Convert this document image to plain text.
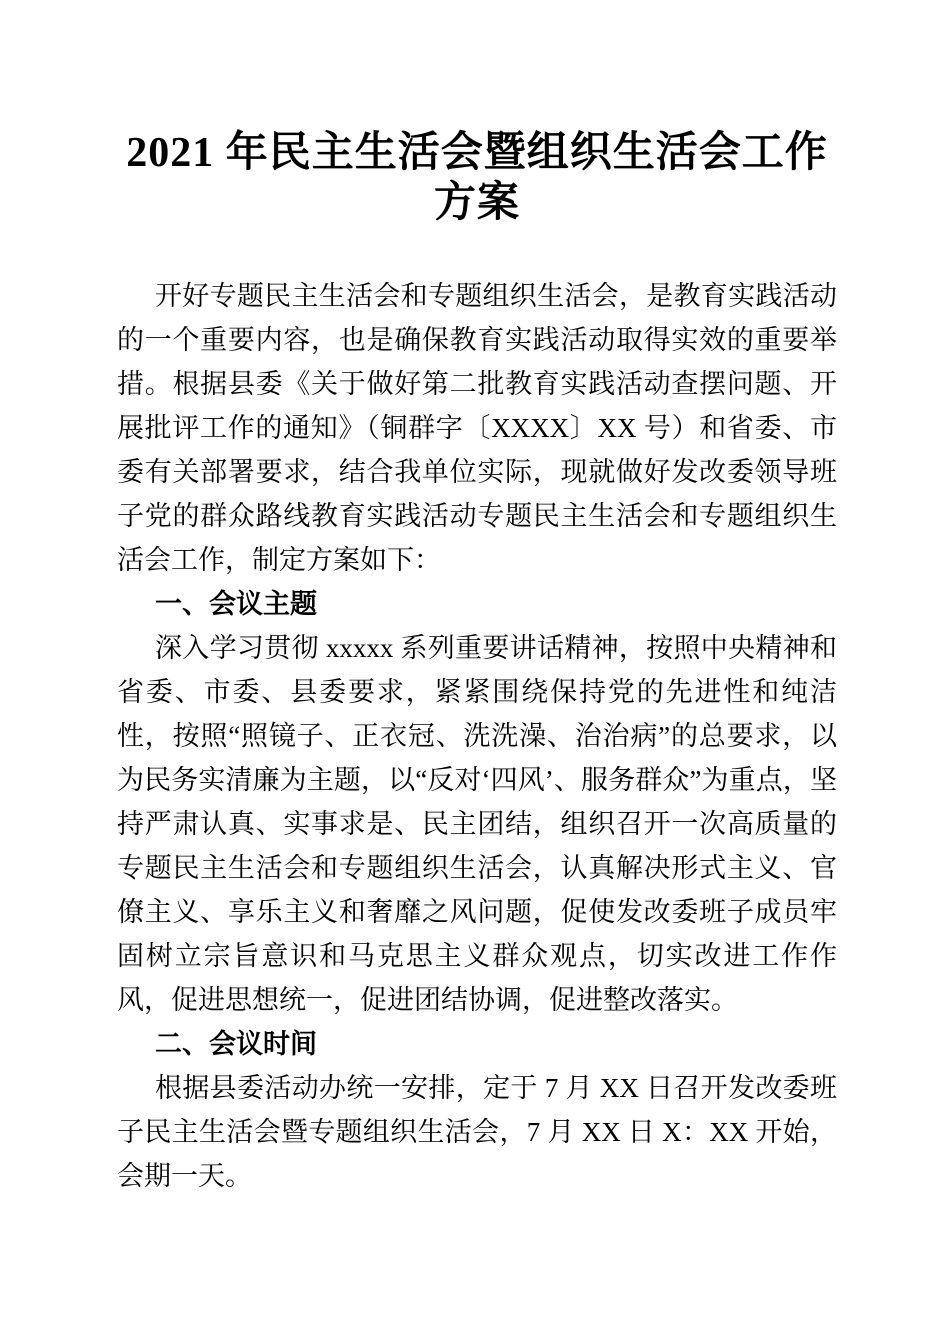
2021 年民主生活会暨组织生活会工作方案

开好专题民主生活会和专题组织生活会，是教育实践活动的一个重要内容，也是确保教育实践活动取得实效的重要举措。根据县委《关于做好第二批教育实践活动查摆问题、开展批评工作的通知》（铜群字〔XXXX〕XX 号）和省委、市委有关部署要求，结合我单位实际，现就做好发改委领导班子党的群众路线教育实践活动专题民主生活会和专题组织生活会工作，制定方案如下：

一、会议主题

深入学习贯彻 xxxxx 系列重要讲话精神，按照中央精神和省委、市委、县委要求，紧紧围绕保持党的先进性和纯洁性，按照“照镜子、正衣冠、洗洗澡、治治病”的总要求，以为民务实清廉为主题，以“反对‘四风’、服务群众”为重点，坚持严肃认真、实事求是、民主团结，组织召开一次高质量的专题民主生活会和专题组织生活会，认真解决形式主义、官僚主义、享乐主义和奢靡之风问题，促使发改委班子成员牢固树立宗旨意识和马克思主义群众观点，切实改进工作作风，促进思想统一，促进团结协调，促进整改落实。

二、会议时间

根据县委活动办统一安排，定于 7 月 XX 日召开发改委班子民主生活会暨专题组织生活会，7 月 XX 日 X：XX 开始，会期一天。
